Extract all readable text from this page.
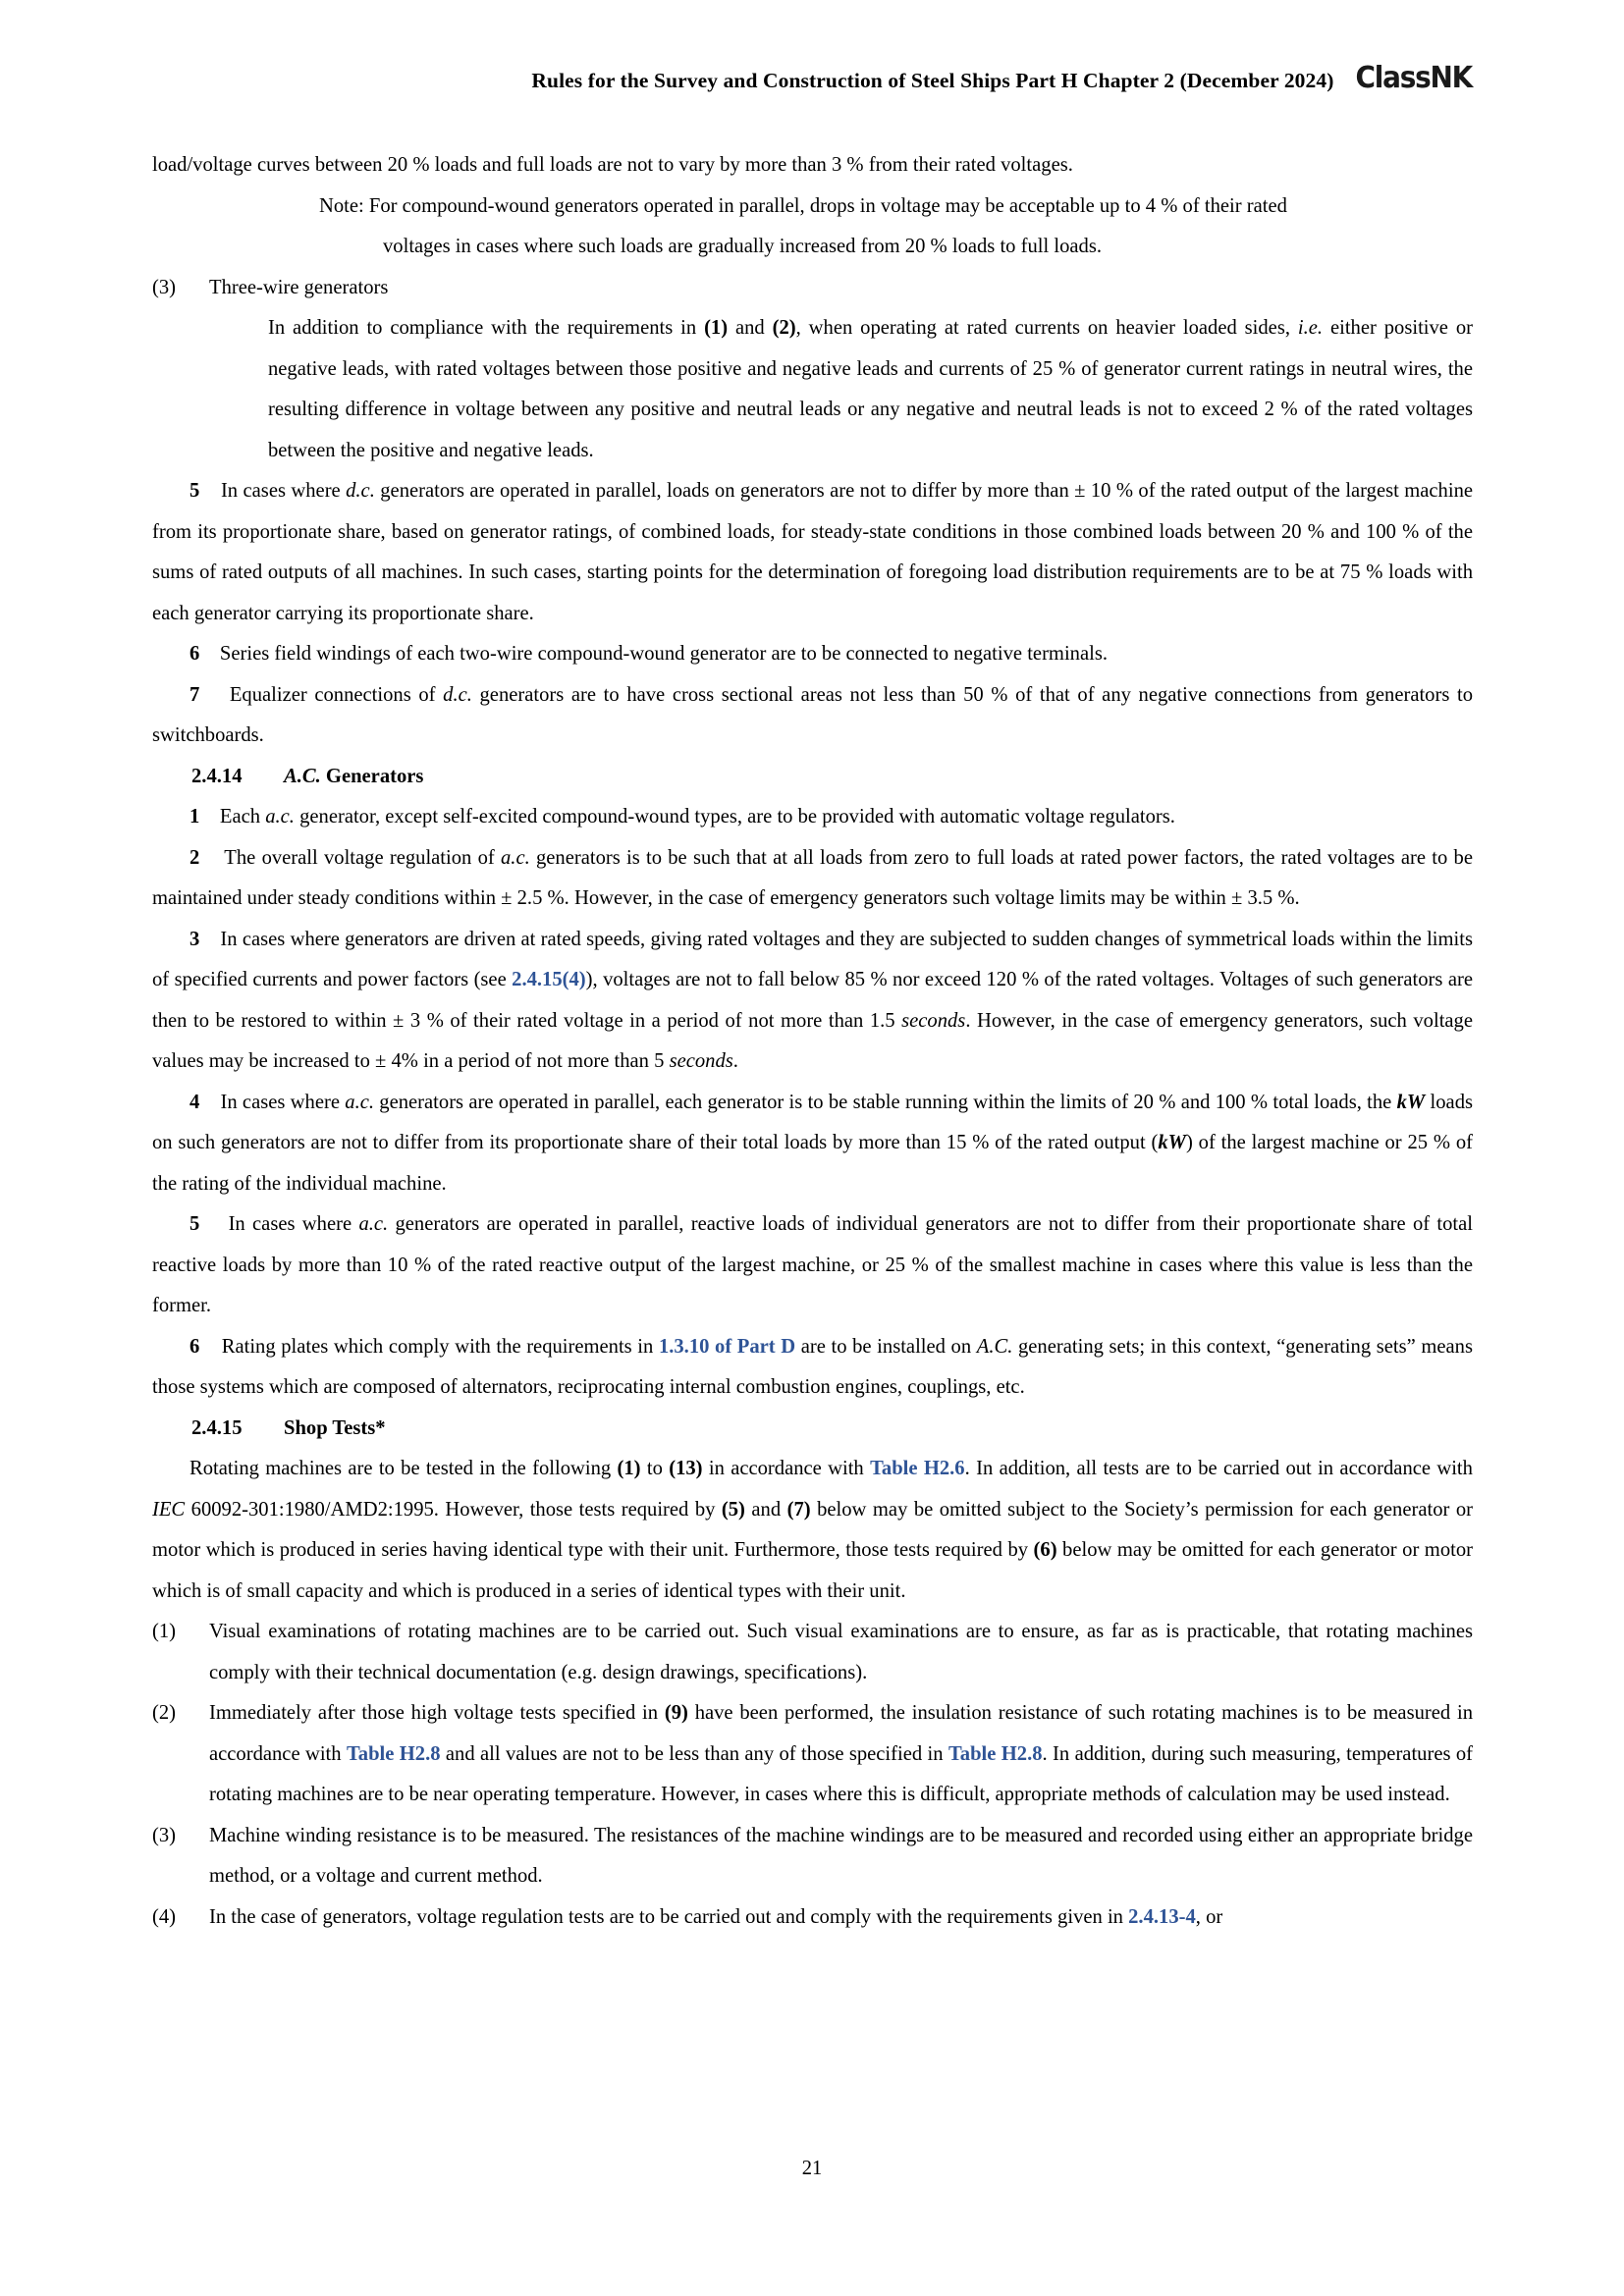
Rules for the Survey and Construction of Steel Ships Part H Chapter 2 (December 2024) ClassNK

load/voltage curves between 20 % loads and full loads are not to vary by more than 3 % from their rated voltages.

Note: For compound-wound generators operated in parallel, drops in voltage may be acceptable up to 4 % of their rated

voltages in cases where such loads are gradually increased from 20 % loads to full loads.

(3)	Three-wire generators

In addition to compliance with the requirements in (1) and (2), when operating at rated currents on heavier loaded sides, i.e. either positive or negative leads, with rated voltages between those positive and negative leads and currents of 25 % of generator current ratings in neutral wires, the resulting difference in voltage between any positive and neutral leads or any negative and neutral leads is not to exceed 2 % of the rated voltages between the positive and negative leads.

5 In cases where d.c. generators are operated in parallel, loads on generators are not to differ by more than ± 10 % of the rated output of the largest machine from its proportionate share, based on generator ratings, of combined loads, for steady-state conditions in those combined loads between 20 % and 100 % of the sums of rated outputs of all machines. In such cases, starting points for the determination of foregoing load distribution requirements are to be at 75 % loads with each generator carrying its proportionate share.

6 Series field windings of each two-wire compound-wound generator are to be connected to negative terminals.

7 Equalizer connections of d.c. generators are to have cross sectional areas not less than 50 % of that of any negative connections from generators to switchboards.

2.4.14	A.C. Generators

1 Each a.c. generator, except self-excited compound-wound types, are to be provided with automatic voltage regulators.

2 The overall voltage regulation of a.c. generators is to be such that at all loads from zero to full loads at rated power factors, the rated voltages are to be maintained under steady conditions within ± 2.5 %. However, in the case of emergency generators such voltage limits may be within ± 3.5 %.

3 In cases where generators are driven at rated speeds, giving rated voltages and they are subjected to sudden changes of symmetrical loads within the limits of specified currents and power factors (see 2.4.15(4)), voltages are not to fall below 85 % nor exceed 120 % of the rated voltages. Voltages of such generators are then to be restored to within ± 3 % of their rated voltage in a period of not more than 1.5 seconds. However, in the case of emergency generators, such voltage values may be increased to ± 4% in a period of not more than 5 seconds.

4 In cases where a.c. generators are operated in parallel, each generator is to be stable running within the limits of 20 % and 100 % total loads, the kW loads on such generators are not to differ from its proportionate share of their total loads by more than 15 % of the rated output (kW) of the largest machine or 25 % of the rating of the individual machine.

5 In cases where a.c. generators are operated in parallel, reactive loads of individual generators are not to differ from their proportionate share of total reactive loads by more than 10 % of the rated reactive output of the largest machine, or 25 % of the smallest machine in cases where this value is less than the former.

6 Rating plates which comply with the requirements in 1.3.10 of Part D are to be installed on A.C. generating sets; in this context, “generating sets” means those systems which are composed of alternators, reciprocating internal combustion engines, couplings, etc.

2.4.15	Shop Tests*

Rotating machines are to be tested in the following (1) to (13) in accordance with Table H2.6. In addition, all tests are to be carried out in accordance with IEC 60092-301:1980/AMD2:1995. However, those tests required by (5) and (7) below may be omitted subject to the Society’s permission for each generator or motor which is produced in series having identical type with their unit. Furthermore, those tests required by (6) below may be omitted for each generator or motor which is of small capacity and which is produced in a series of identical types with their unit.

(1)	Visual examinations of rotating machines are to be carried out. Such visual examinations are to ensure, as far as is practicable, that rotating machines comply with their technical documentation (e.g. design drawings, specifications).
(2)	Immediately after those high voltage tests specified in (9) have been performed, the insulation resistance of such rotating machines is to be measured in accordance with Table H2.8 and all values are not to be less than any of those specified in Table H2.8. In addition, during such measuring, temperatures of rotating machines are to be near operating temperature. However, in cases where this is difficult, appropriate methods of calculation may be used instead.
(3)	Machine winding resistance is to be measured. The resistances of the machine windings are to be measured and recorded using either an appropriate bridge method, or a voltage and current method.
(4)	In the case of generators, voltage regulation tests are to be carried out and comply with the requirements given in 2.4.13-4, or
21
